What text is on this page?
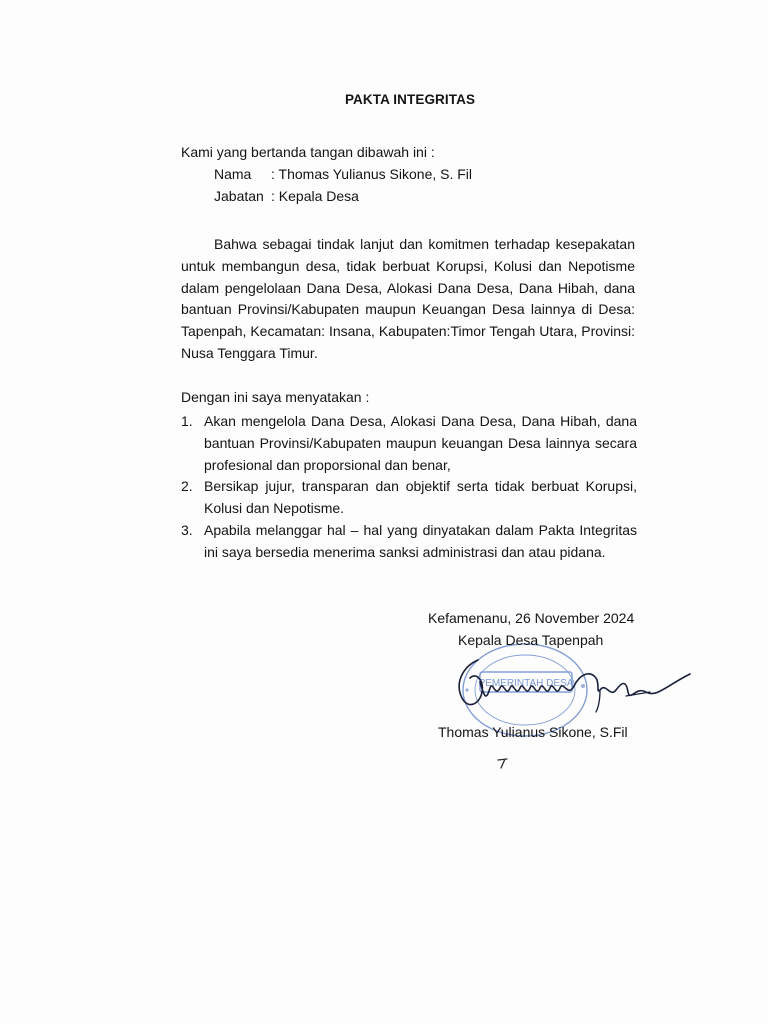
PAKTA INTEGRITAS
Kami yang bertanda tangan dibawah ini :
Nama : Thomas Yulianus Sikone, S. Fil
Jabatan : Kepala Desa
Bahwa sebagai tindak lanjut dan komitmen terhadap kesepakatan untuk membangun desa, tidak berbuat Korupsi, Kolusi dan Nepotisme dalam pengelolaan Dana Desa, Alokasi Dana Desa, Dana Hibah, dana bantuan Provinsi/Kabupaten maupun Keuangan Desa lainnya di Desa: Tapenpah, Kecamatan: Insana, Kabupaten:Timor Tengah Utara, Provinsi: Nusa Tenggara Timur.
Dengan ini saya menyatakan :
1. Akan mengelola Dana Desa, Alokasi Dana Desa, Dana Hibah, dana bantuan Provinsi/Kabupaten maupun keuangan Desa lainnya secara profesional dan proporsional dan benar,
2. Bersikap jujur, transparan dan objektif serta tidak berbuat Korupsi, Kolusi dan Nepotisme.
3. Apabila melanggar hal – hal yang dinyatakan dalam Pakta Integritas ini saya bersedia menerima sanksi administrasi dan atau pidana.
PEMERINTAH DESA
Kefamenanu, 26 November 2024
Kepala Desa Tapenpah
Thomas Yulianus Sikone, S.Fil
